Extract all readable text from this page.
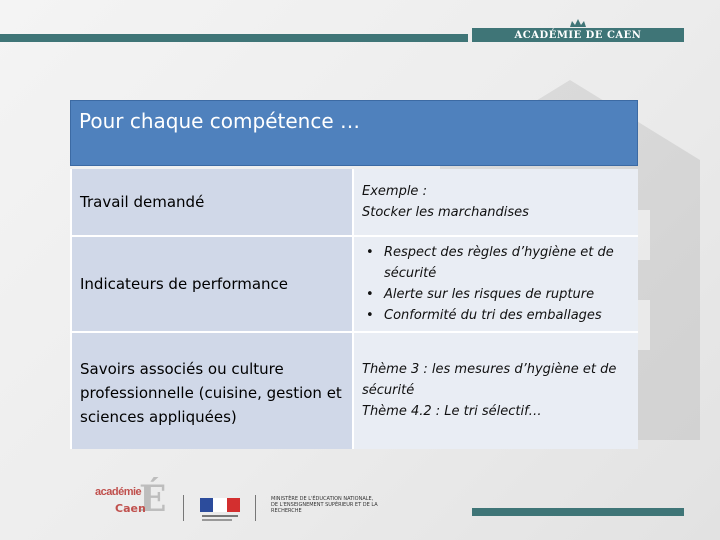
ACADÉMIE DE CAEN
Pour chaque compétence …
Travail demandé
Exemple :
Stocker les marchandises
Indicateurs de performance
• Respect des règles d’hygiène et de sécurité
• Alerte sur les risques de rupture
• Conformité du tri des emballages
Savoirs associés ou culture professionnelle (cuisine, gestion et sciences appliquées)
Thème 3 : les mesures d’hygiène et de sécurité
Thème 4.2 : Le tri sélectif…
É
académie
Caen
MINISTÈRE DE L'ÉDUCATION NATIONALE, DE L'ENSEIGNEMENT SUPÉRIEUR ET DE LA RECHERCHE
